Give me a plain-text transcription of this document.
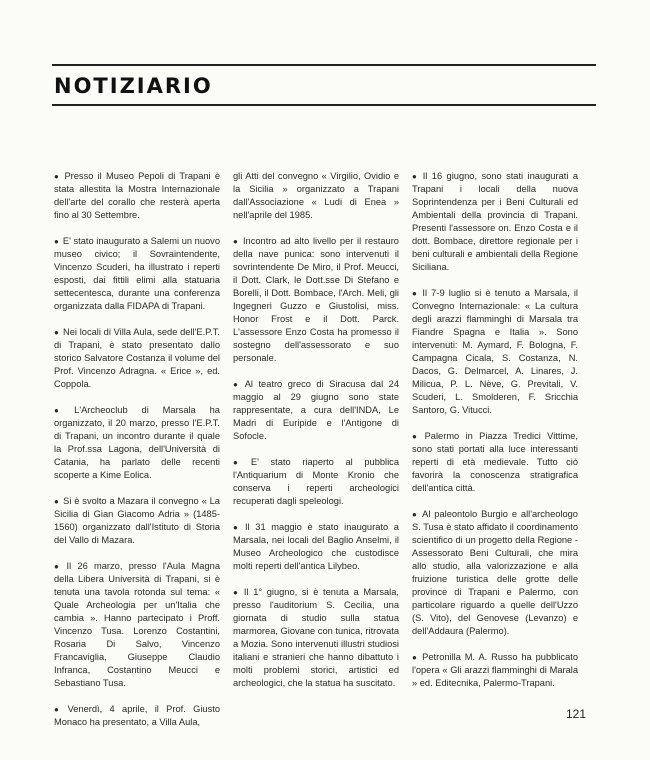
NOTIZIARIO

● Presso il Museo Pepoli di Trapani è stata allestita la Mostra Internazionale dell'arte del corallo che resterà aperta fino al 30 Settembre.

● E' stato inaugurato a Salemi un nuovo museo civico; il Sovraintendente, Vincenzo Scuderi, ha illustrato i reperti esposti, dai fittili elimi alla statuaria settecentesca, durante una conferenza organizzata dalla FIDAPA di Trapani.

● Nei locali di Villa Aula, sede dell'E.P.T. di Trapani, è stato presentato dallo storico Salvatore Costanza il volume del Prof. Vincenzo Adragna. « Erice », ed. Coppola.

● L'Archeoclub di Marsala ha organizzato, il 20 marzo, presso l'E.P.T. di Trapani, un incontro durante il quale la Prof.ssa Lagona, dell'Università di Catania, ha parlato delle recenti scoperte a Kime Eolica.

● Si è svolto a Mazara il convegno « La Sicilia di Gian Giacomo Adria » (1485-1560) organizzato dall'Istituto di Storia del Vallo di Mazara.

● Il 26 marzo, presso l'Aula Magna della Libera Università di Trapani, si è tenuta una tavola rotonda sul tema: « Quale Archeologia per un'Italia che cambia ». Hanno partecipato i Proff. Vincenzo Tusa. Lorenzo Costantini, Rosaria Di Salvo, Vincenzo Francaviglia, Giuseppe Claudio Infranca, Costantino Meucci e Sebastiano Tusa.

● Venerdì, 4 aprile, il Prof. Giusto Monaco ha presentato, a Villa Aula,

gli Atti del convegno « Virgilio, Ovidio e la Sicilia » organizzato a Trapani dall'Associazione « Ludi di Enea » nell'aprile del 1985.

● Incontro ad alto livello per il restauro della nave punica: sono intervenuti il sovrintendente De Miro, il Prof. Meucci, il Dott. Clark, le Dott.sse Di Stefano e Borelli, il Dott. Bombace, l'Arch. Meli, gli Ingegneri Guzzo e Giustolisi, miss. Honor Frost e il Dott. Parck. L'assessore Enzo Costa ha promesso il sostegno dell'assessorato e suo personale.

● Al teatro greco di Siracusa dal 24 maggio al 29 giugno sono state rappresentate, a cura dell'INDA, Le Madri di Euripide e l'Antigone di Sofocle.

● E' stato riaperto al pubblica l'Antiquarium di Monte Kronio che conserva i reperti archeologici recuperati dagli speleologi.

● Il 31 maggio è stato inaugurato a Marsala, nei locali del Baglio Anselmi, il Museo Archeologico che custodisce molti reperti dell'antica Lilybeo.

● Il 1° giugno, si è tenuta a Marsala, presso l'auditorium S. Cecilia, una giornata di studio sulla statua marmorea, Giovane con tunica, ritrovata a Mozia. Sono intervenuti illustri studiosi italiani e stranieri che hanno dibattuto i molti problemi storici, artistici ed archeologici, che la statua ha suscitato.

● Il 16 giugno, sono stati inaugurati a Trapani i locali della nuova Soprintendenza per i Beni Culturali ed Ambientali della provincia di Trapani. Presenti l'assessore on. Enzo Costa e il dott. Bombace, direttore regionale per i beni culturali e ambientali della Regione Siciliana.

● Il 7-9 luglio si è tenuto a Marsala, il Convegno Internazionale: « La cultura degli arazzi flamminghi di Marsala tra Fiandre Spagna e Italia ». Sono intervenuti: M. Aymard, F. Bologna, F. Campagna Cicala, S. Costanza, N. Dacos, G. Delmarcel, A. Linares, J. Milicua, P. L. Nève, G. Previtali, V. Scuderi, L. Smolderen, F. Sricchia Santoro, G. Vitucci.

● Palermo in Piazza Tredici Vittime, sono stati portati alla luce interessanti reperti di età medievale. Tutto ciò favorirà la conoscenza stratigrafica dell'antica città.

● Al paleontolo Burgio e all'archeologo S. Tusa è stato affidato il coordinamento scientifico di un progetto della Regione - Assessorato Beni Culturali, che mira allo studio, alla valorizzazione e alla fruizione turistica delle grotte delle province di Trapani e Palermo, con particolare riguardo a quelle dell'Uzzo (S. Vito), del Genovese (Levanzo) e dell'Addaura (Palermo).

● Petronilla M. A. Russo ha pubblicato l'opera « Gli arazzi flamminghi di Marala » ed. Editecnika, Palermo-Trapani.

121
